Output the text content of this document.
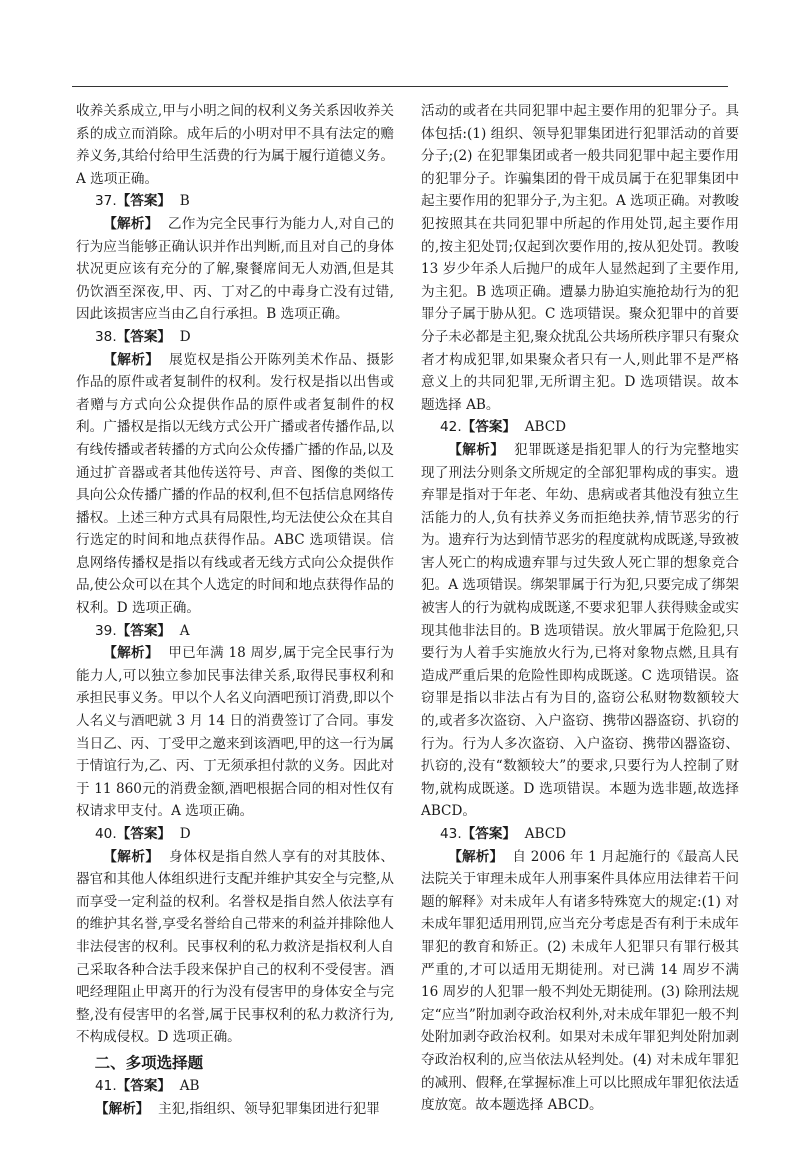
收养关系成立,甲与小明之间的权利义务关系因收养关系的成立而消除。成年后的小明对甲不具有法定的赡养义务,其给付给甲生活费的行为属于履行道德义务。A 选项正确。

37.【答案】 B

【解析】 乙作为完全民事行为能力人,对自己的行为应当能够正确认识并作出判断,而且对自己的身体状况更应该有充分的了解,聚餐席间无人劝酒,但是其仍饮酒至深夜,甲、丙、丁对乙的中毒身亡没有过错,因此该损害应当由乙自行承担。B 选项正确。

38.【答案】 D

【解析】 展览权是指公开陈列美术作品、摄影作品的原件或者复制件的权利。发行权是指以出售或者赠与方式向公众提供作品的原件或者复制件的权利。广播权是指以无线方式公开广播或者传播作品,以有线传播或者转播的方式向公众传播广播的作品,以及通过扩音器或者其他传送符号、声音、图像的类似工具向公众传播广播的作品的权利,但不包括信息网络传播权。上述三种方式具有局限性,均无法使公众在其自行选定的时间和地点获得作品。ABC 选项错误。信息网络传播权是指以有线或者无线方式向公众提供作品,使公众可以在其个人选定的时间和地点获得作品的权利。D 选项正确。

39.【答案】 A

【解析】 甲已年满 18 周岁,属于完全民事行为能力人,可以独立参加民事法律关系,取得民事权利和承担民事义务。甲以个人名义向酒吧预订消费,即以个人名义与酒吧就 3 月 14 日的消费签订了合同。事发当日乙、丙、丁受甲之邀来到该酒吧,甲的这一行为属于情谊行为,乙、丙、丁无须承担付款的义务。因此对于 11 860元的消费金额,酒吧根据合同的相对性仅有权请求甲支付。A 选项正确。

40.【答案】 D

【解析】 身体权是指自然人享有的对其肢体、器官和其他人体组织进行支配并维护其安全与完整,从而享受一定利益的权利。名誉权是指自然人依法享有的维护其名誉,享受名誉给自己带来的利益并排除他人非法侵害的权利。民事权利的私力救济是指权利人自己采取各种合法手段来保护自己的权利不受侵害。酒吧经理阻止甲离开的行为没有侵害甲的身体安全与完整,没有侵害甲的名誉,属于民事权利的私力救济行为,不构成侵权。D 选项正确。

二、多项选择题

41.【答案】 AB

【解析】 主犯,指组织、领导犯罪集团进行犯罪

活动的或者在共同犯罪中起主要作用的犯罪分子。具体包括:(1) 组织、领导犯罪集团进行犯罪活动的首要分子;(2) 在犯罪集团或者一般共同犯罪中起主要作用的犯罪分子。诈骗集团的骨干成员属于在犯罪集团中起主要作用的犯罪分子,为主犯。A 选项正确。对教唆犯按照其在共同犯罪中所起的作用处罚,起主要作用的,按主犯处罚;仅起到次要作用的,按从犯处罚。教唆 13 岁少年杀人后抛尸的成年人显然起到了主要作用,为主犯。B 选项正确。遭暴力胁迫实施抢劫行为的犯罪分子属于胁从犯。C 选项错误。聚众犯罪中的首要分子未必都是主犯,聚众扰乱公共场所秩序罪只有聚众者才构成犯罪,如果聚众者只有一人,则此罪不是严格意义上的共同犯罪,无所谓主犯。D 选项错误。故本题选择 AB。

42.【答案】 ABCD

【解析】 犯罪既遂是指犯罪人的行为完整地实现了刑法分则条文所规定的全部犯罪构成的事实。遗弃罪是指对于年老、年幼、患病或者其他没有独立生活能力的人,负有扶养义务而拒绝扶养,情节恶劣的行为。遗弃行为达到情节恶劣的程度就构成既遂,导致被害人死亡的构成遗弃罪与过失致人死亡罪的想象竞合犯。A 选项错误。绑架罪属于行为犯,只要完成了绑架被害人的行为就构成既遂,不要求犯罪人获得赎金或实现其他非法目的。B 选项错误。放火罪属于危险犯,只要行为人着手实施放火行为,已将对象物点燃,且具有造成严重后果的危险性即构成既遂。C 选项错误。盗窃罪是指以非法占有为目的,盗窃公私财物数额较大的,或者多次盗窃、入户盗窃、携带凶器盗窃、扒窃的行为。行为人多次盗窃、入户盗窃、携带凶器盗窃、扒窃的,没有“数额较大”的要求,只要行为人控制了财物,就构成既遂。D 选项错误。本题为选非题,故选择 ABCD。

43.【答案】 ABCD

【解析】 自 2006 年 1 月起施行的《最高人民法院关于审理未成年人刑事案件具体应用法律若干问题的解释》对未成年人有诸多特殊宽大的规定:(1) 对未成年罪犯适用刑罚,应当充分考虑是否有利于未成年罪犯的教育和矫正。(2) 未成年人犯罪只有罪行极其严重的,才可以适用无期徒刑。对已满 14 周岁不满 16 周岁的人犯罪一般不判处无期徒刑。(3) 除刑法规定“应当”附加剥夺政治权利外,对未成年罪犯一般不判处附加剥夺政治权利。如果对未成年罪犯判处附加剥夺政治权利的,应当依法从轻判处。(4) 对未成年罪犯的减刑、假释,在掌握标准上可以比照成年罪犯依法适度放宽。故本题选择 ABCD。
